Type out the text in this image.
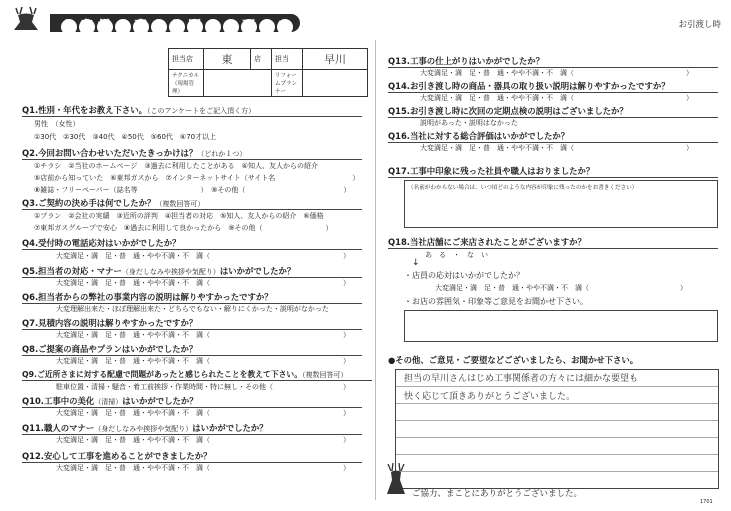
お 客 様 の 声 を お 聞 か せ 下 さ い	お引渡し時
担当店	東	店	担当	早川
テクニカル（現場管理）			リフォームプランナー	
Q1.性別・年代をお教え下さい。（このアンケートをご記入頂く方）
男性　（女性）
①30代　②30代　③40代　④50代　⑤60代　⑥70才以上
Q2.今回お問い合わせいただいたきっかけは？（どれか１つ）
①チラシ　②当社のホームページ　③過去に利用したことがある　④知人、友人からの紹介
⑤店前から知っていた　⑥東邦ガスから　⑦インターネットサイト（サイト名　　　　　　　　　　　）
⑧雑誌・フリーペーパー（誌名等　　　　　　　　　）　⑨その他（　　　　　　　　　　　　　　）
Q3.ご契約の決め手は何でしたか？（複数回答可）
①プラン　②会社の実績　③近所の評判　④担当者の対応　⑤知人、友人からの紹介　⑥価格
⑦東邦ガスグループで安心　⑧過去に利用して良かったから　⑨その他（　　　　　　　　　）
Q4.受付時の電話応対はいかがでしたか？
大変満足・満　足・普　通・やや不満・不　満（　　　　　　　　　　　　　　　　　　　）
Q5.担当者の対応・マナー（身だしなみや挨拶や気配り）はいかがでしたか？
大変満足・満　足・普　通・やや不満・不　満（　　　　　　　　　　　　　　　　　　　）
Q6.担当者からの弊社の事業内容の説明は解りやすかったですか？
大変理解出来た・ほぼ理解出来た・どちらでもない・解りにくかった・説明がなかった
Q7.見積内容の説明は解りやすかったですか？
大変満足・満　足・普　通・やや不満・不　満（　　　　　　　　　　　　　　　　　　　）
Q8.ご提案の商品やプランはいかがでしたか？
大変満足・満　足・普　通・やや不満・不　満（　　　　　　　　　　　　　　　　　　　）
Q9.ご近所さまに対する配慮で問題があったと感じられたことを教えて下さい。（複数回答可）
駐車位置・清掃・騒音・着工前挨拶・作業時間・特に無し・その他（　　　　　　　　　　）
Q10.工事中の美化（清掃）はいかがでしたか？
大変満足・満　足・普　通・やや不満・不　満（　　　　　　　　　　　　　　　　　　　）
Q11.職人のマナー（身だしなみや挨拶や気配り）はいかがでしたか？
大変満足・満　足・普　通・やや不満・不　満（　　　　　　　　　　　　　　　　　　　）
Q12.安心して工事を進めることができましたか？
大変満足・満　足・普　通・やや不満・不　満（　　　　　　　　　　　　　　　　　　　）
Q13.工事の仕上がりはいかがでしたか？
大変満足・満　足・普　通・やや不満・不　満（　　　　　　　　　　　　　　　　）
Q14.お引き渡し時の商品・器具の取り扱い説明は解りやすかったですか？
大変満足・満　足・普　通・やや不満・不　満（　　　　　　　　　　　　　　　　）
Q15.お引き渡し時に次回の定期点検の説明はございましたか？
説明があった・説明はなかった
Q16.当社に対する総合評価はいかがでしたか？
大変満足・満　足・普　通・やや不満・不　満（　　　　　　　　　　　　　　　　）
Q17.工事中印象に残った社員や職人はおりましたか？
（名前がわからない場合は、いつ頃どのような内容が印象に残ったのかをお書きください）
Q18.当社店舗にご来店されたことがございますか？
あ　る　・　な　い
↓
・店員の応対はいかがでしたか？
大変満足・満　足・普　通・やや不満・不　満（　　　　　　　　　　　　　）
・お店の雰囲気・印象等ご意見をお聞かせ下さい。
●その他、ご意見・ご要望などございましたら、お聞かせ下さい。
担当の早川さんはじめ工事関係者の方々には細かな要望も
快く応じて頂きありがとうございました。
ご協力、まことにありがとうございました。
1701
